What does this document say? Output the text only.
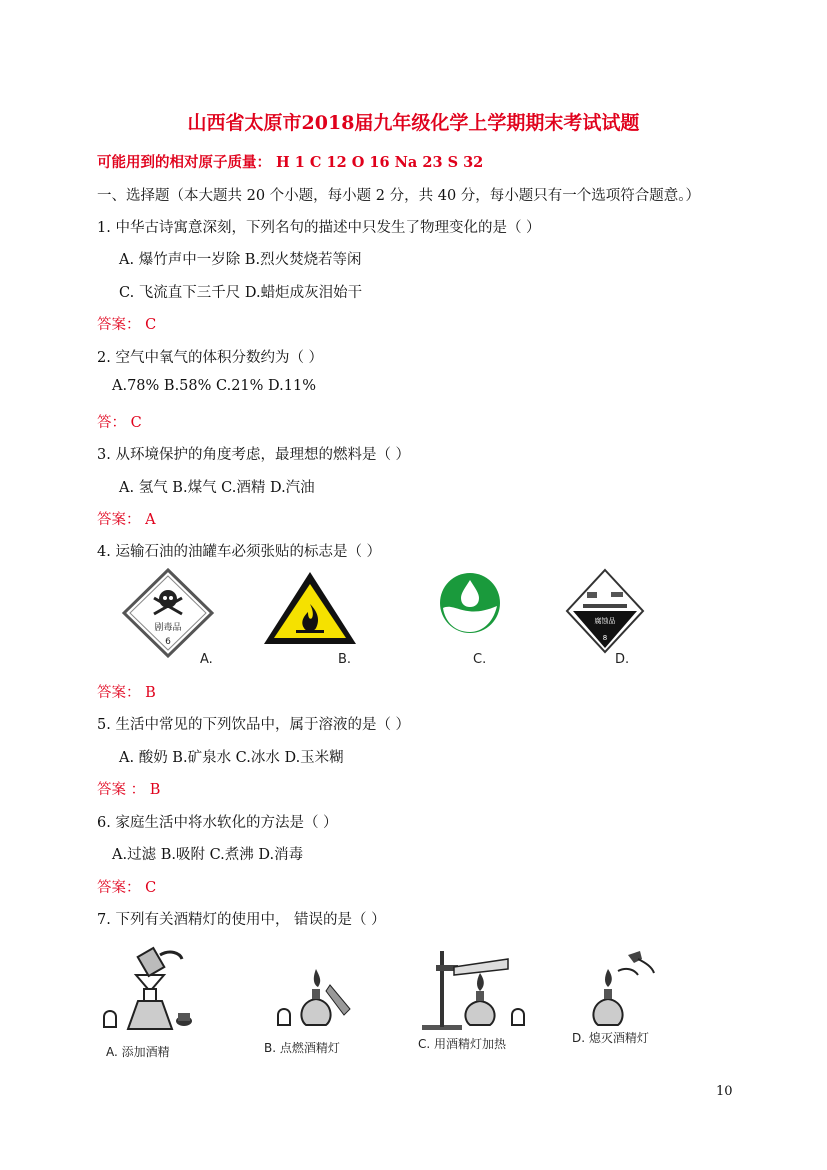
山西省太原市2018届九年级化学上学期期末考试试题
可能用到的相对原子质量： H 1 C 12 O 16 Na 23 S 32
一、选择题（本大题共 20 个小题，每小题 2 分，共 40 分，每小题只有一个选项符合题意。）
1. 中华古诗寓意深刻，下列名句的描述中只发生了物理变化的是（ ）
A. 爆竹声中一岁除 B.烈火焚烧若等闲
C. 飞流直下三千尺 D.蜡炬成灰泪始干
答案： C
2. 空气中氧气的体积分数约为（ ）
A.78% B.58% C.21% D.11%
答： C
3. 从环境保护的角度考虑，最理想的燃料是（ ）
A. 氢气 B.煤气 C.酒精 D.汽油
答案： A
4. 运输石油的油罐车必须张贴的标志是（ ）
剧毒品
6
A.	B.	C.
腐蚀品
8
D.
答案： B
5. 生活中常见的下列饮品中，属于溶液的是（ ）
A. 酸奶 B.矿泉水 C.冰水 D.玉米糊
答案 ： B
6. 家庭生活中将水软化的方法是（ ）
A.过滤 B.吸附 C.煮沸 D.消毒
答案： C
7. 下列有关酒精灯的使用中， 错误的是（ ）
A. 添加酒精	B. 点燃酒精灯	C. 用酒精灯加热	D. 熄灭酒精灯
10
